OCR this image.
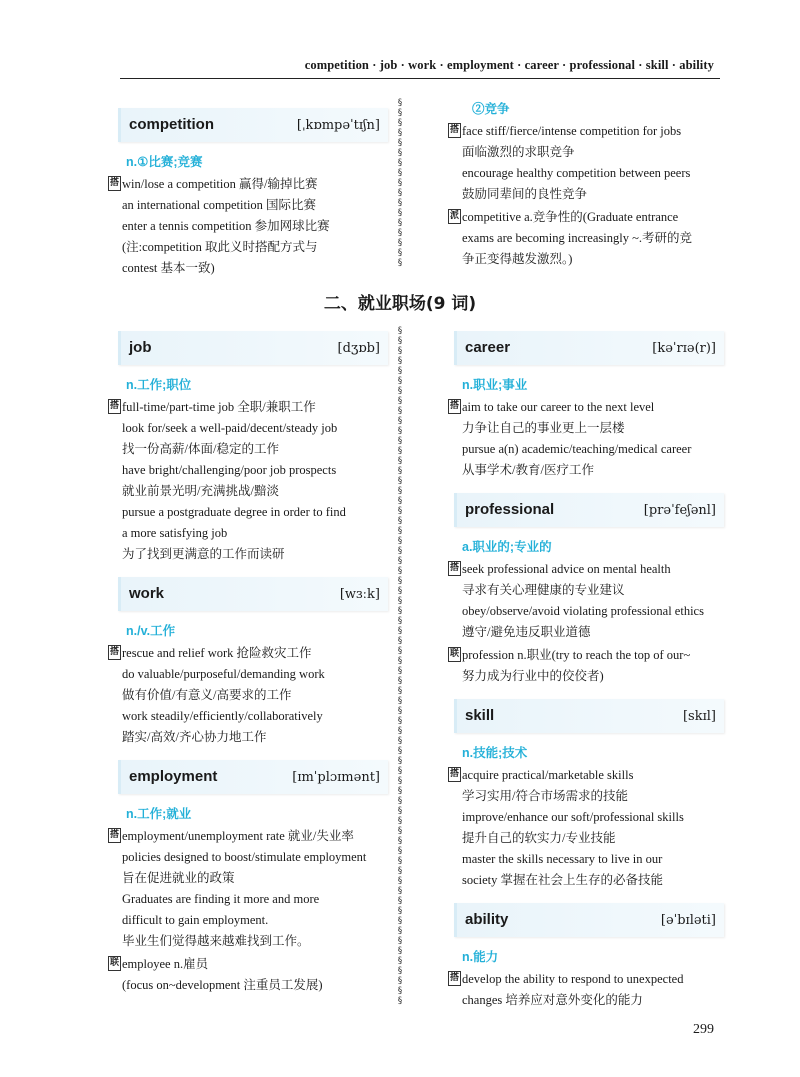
competition · job · work · employment · career · professional · skill · ability
competition	[ˌkɒmpəˈtɪʃn]
n.①比赛;竞赛
搭 win/lose a competition 赢得/输掉比赛
an international competition 国际比赛
enter a tennis competition 参加网球比赛
(注:competition 取此义时搭配方式与
contest 基本一致)
②竞争
搭 face stiff/fierce/intense competition for jobs
面临激烈的求职竞争
encourage healthy competition between peers
鼓励同辈间的良性竞争
派 competitive a.竞争性的(Graduate entrance
exams are becoming increasingly ~.考研的竞
争正变得越发激烈。)
二、就业职场(9 词)
job	[dʒɒb]
n.工作;职位
搭 full-time/part-time job 全职/兼职工作
look for/seek a well-paid/decent/steady job
找一份高薪/体面/稳定的工作
have bright/challenging/poor job prospects
就业前景光明/充满挑战/黯淡
pursue a postgraduate degree in order to find
a more satisfying job
为了找到更满意的工作而读研
work	[wɜːk]
n./v.工作
搭 rescue and relief work 抢险救灾工作
do valuable/purposeful/demanding work
做有价值/有意义/高要求的工作
work steadily/efficiently/collaboratively
踏实/高效/齐心协力地工作
employment	[ɪmˈplɔɪmənt]
n.工作;就业
搭 employment/unemployment rate 就业/失业率
policies designed to boost/stimulate employment
旨在促进就业的政策
Graduates are finding it more and more
difficult to gain employment.
毕业生们觉得越来越难找到工作。
联 employee n.雇员
(focus on~development 注重员工发展)
career	[kəˈrɪə(r)]
n.职业;事业
搭 aim to take our career to the next level
力争让自己的事业更上一层楼
pursue a(n) academic/teaching/medical career
从事学术/教育/医疗工作
professional	[prəˈfeʃənl]
a.职业的;专业的
搭 seek professional advice on mental health
寻求有关心理健康的专业建议
obey/observe/avoid violating professional ethics
遵守/避免违反职业道德
联 profession n.职业(try to reach the top of our~
努力成为行业中的佼佼者)
skill	[skɪl]
n.技能;技术
搭 acquire practical/marketable skills
学习实用/符合市场需求的技能
improve/enhance our soft/professional skills
提升自己的软实力/专业技能
master the skills necessary to live in our
society 掌握在社会上生存的必备技能
ability	[əˈbɪləti]
n.能力
搭 develop the ability to respond to unexpected
changes 培养应对意外变化的能力
§
§
§
§
§
§
§
§
§
§
§
§
§
§
§
§
§
§
§
§
§
§
§
§
§
§
§
§
§
§
§
§
§
§
§
§
§
§
§
§
§
§
§
§
§
§
§
§
§
§
§
§
§
§
§
§
§
§
§
§
§
§
§
§
§
§
§
§
§
§
§
§
§
§
§
§
§
§
§
§
§
§
§
§
§
299
